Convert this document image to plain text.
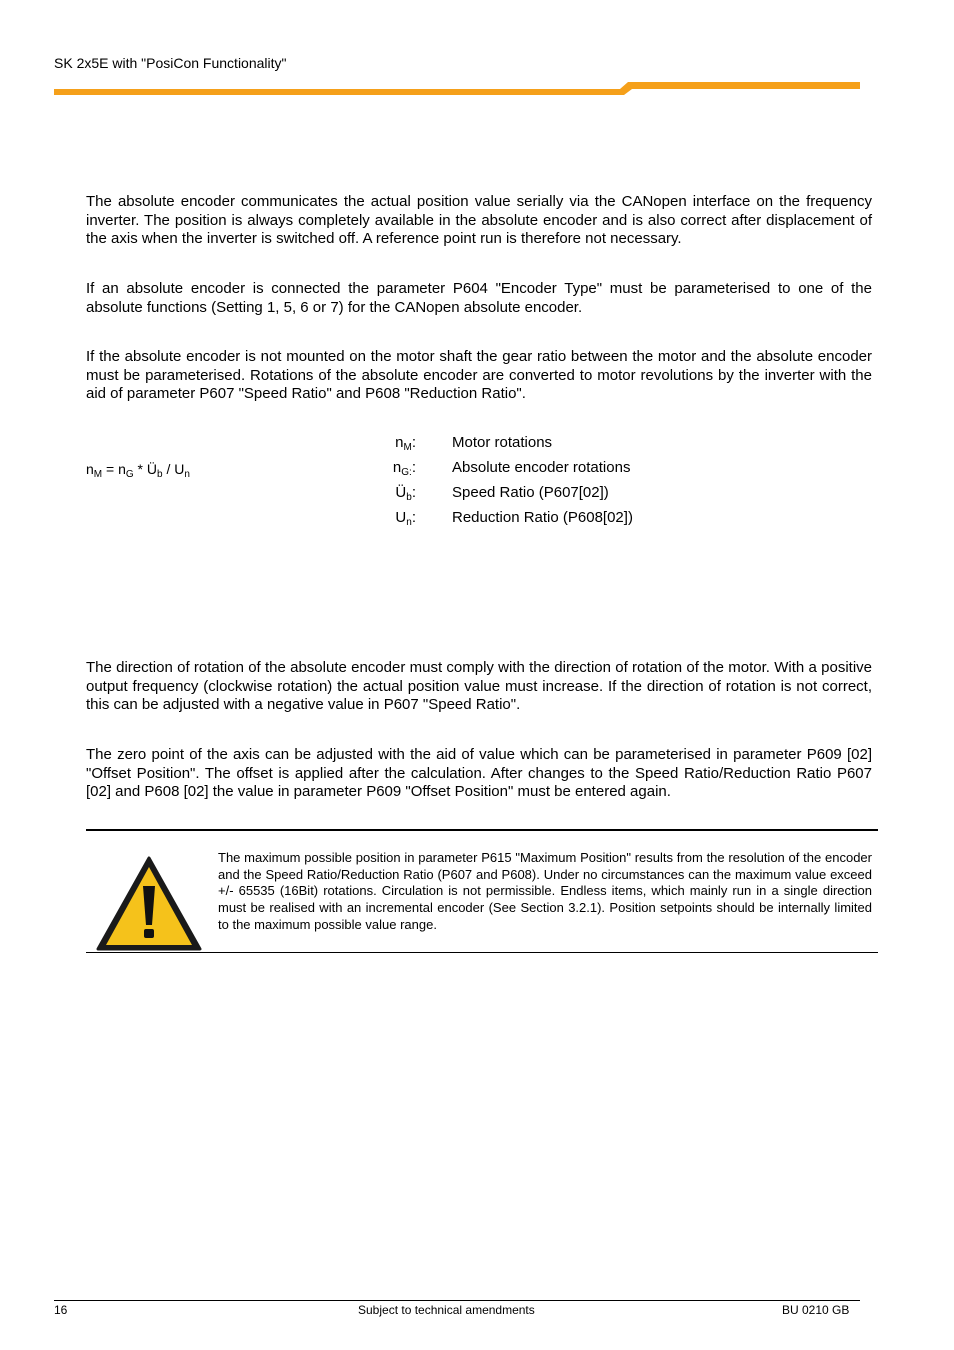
SK 2x5E with "PosiCon Functionality"

The absolute encoder communicates the actual position value serially via the CANopen interface on the frequency inverter. The position is always completely available in the absolute encoder and is also correct after displacement of the axis when the inverter is switched off. A reference point run is therefore not necessary.

If an absolute encoder is connected the parameter P604 "Encoder Type" must be parameterised to one of the absolute functions (Setting 1, 5, 6 or 7) for the CANopen absolute encoder.

If the absolute encoder is not mounted on the motor shaft the gear ratio between the motor and the absolute encoder must be parameterised. Rotations of the absolute encoder are converted to motor revolutions by the inverter with the aid of parameter P607 "Speed Ratio" and P608 "Reduction Ratio".

$n_M = n_G$ * $Ü_b / U_n$
$n_M$: Motor rotations
$n_{G:}$: Absolute encoder rotations
$Ü_b$: Speed Ratio (P607[02])
$U_n$: Reduction Ratio (P608[02])

The direction of rotation of the absolute encoder must comply with the direction of rotation of the motor. With a positive output frequency (clockwise rotation) the actual position value must increase. If the direction of rotation is not correct, this can be adjusted with a negative value in P607 "Speed Ratio".

The zero point of the axis can be adjusted with the aid of value which can be parameterised in parameter P609 [02] "Offset Position". The offset is applied after the calculation. After changes to the Speed Ratio/Reduction Ratio P607 [02] and P608 [02] the value in parameter P609 "Offset Position" must be entered again.

The maximum possible position in parameter P615 "Maximum Position" results from the resolution of the encoder and the Speed Ratio/Reduction Ratio (P607 and P608). Under no circumstances can the maximum value exceed +/- 65535 (16Bit) rotations. Circulation is not permissible. Endless items, which mainly run in a single direction must be realised with an incremental encoder (See Section 3.2.1). Position setpoints should be internally limited to the maximum possible value range.

16	Subject to technical amendments	BU 0210 GB
